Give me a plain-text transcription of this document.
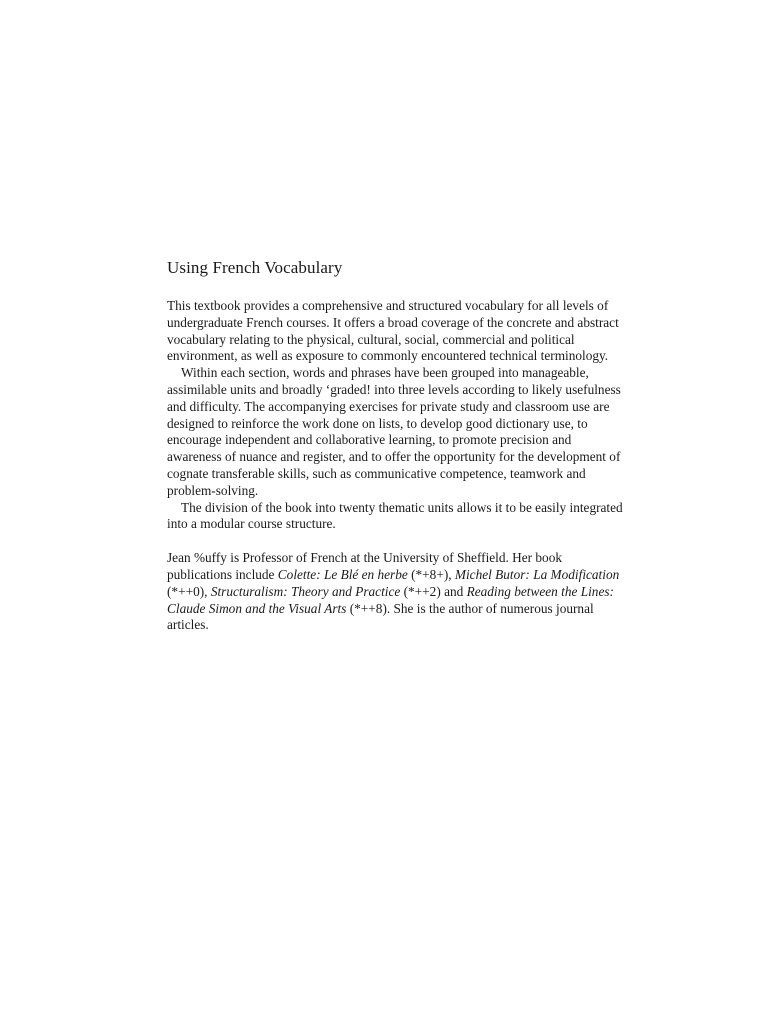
Using French Vocabulary

This textbook provides a comprehensive and structured vocabulary for all levels of undergraduate French courses. It offers a broad coverage of the concrete and abstract vocabulary relating to the physical, cultural, social, commercial and political environment, as well as exposure to commonly encountered technical terminology.

Within each section, words and phrases have been grouped into manageable, assimilable units and broadly ‘graded! into three levels according to likely usefulness and difficulty. The accompanying exercises for private study and classroom use are designed to reinforce the work done on lists, to develop good dictionary use, to encourage independent and collaborative learning, to promote precision and awareness of nuance and register, and to offer the opportunity for the development of cognate transferable skills, such as communicative competence, teamwork and problem-solving.

The division of the book into twenty thematic units allows it to be easily integrated into a modular course structure.

Jean %uffy is Professor of French at the University of Sheffield. Her book publications include Colette: Le Blé en herbe (*+8+), Michel Butor: La Modification (*++0), Structuralism: Theory and Practice (*++2) and Reading between the Lines: Claude Simon and the Visual Arts (*++8). She is the author of numerous journal articles.
